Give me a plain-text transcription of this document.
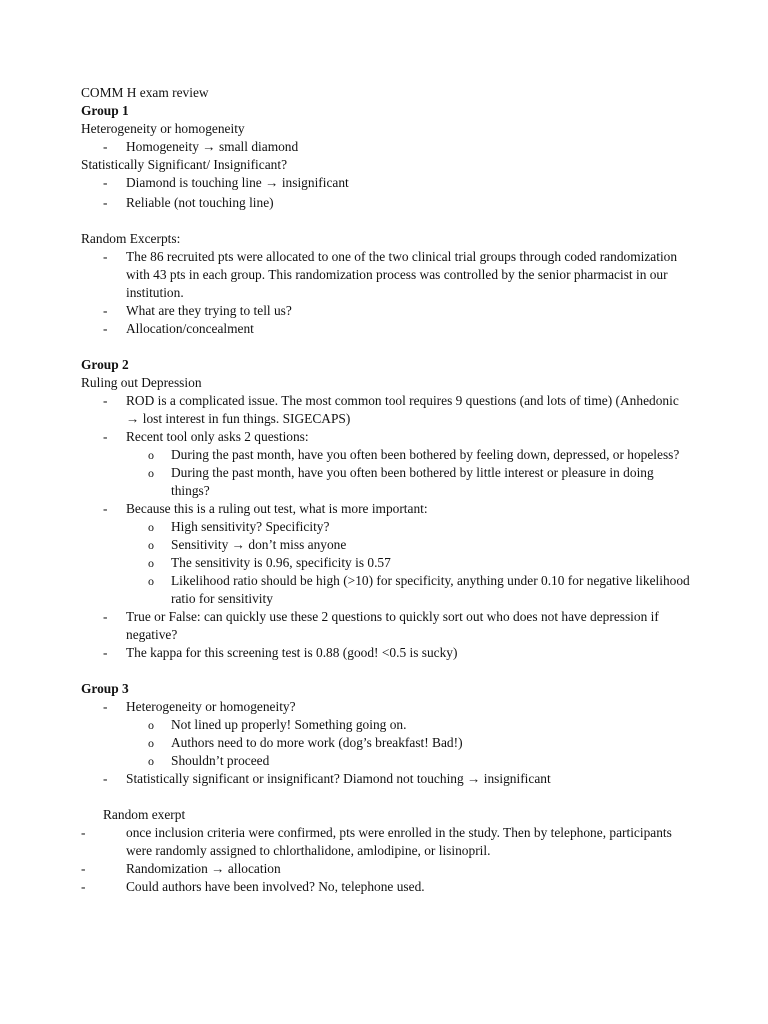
COMM H exam review
Group 1
Heterogeneity or homogeneity
- Homogeneity → small diamond
Statistically Significant/ Insignificant?
- Diamond is touching line → insignificant
- Reliable (not touching line)
Random Excerpts:
- The 86 recruited pts were allocated to one of the two clinical trial groups through coded randomization with 43 pts in each group. This randomization process was controlled by the senior pharmacist in our institution.
- What are they trying to tell us?
- Allocation/concealment
Group 2
Ruling out Depression
- ROD is a complicated issue. The most common tool requires 9 questions (and lots of time) (Anhedonic → lost interest in fun things. SIGECAPS)
- Recent tool only asks 2 questions:
o During the past month, have you often been bothered by feeling down, depressed, or hopeless?
o During the past month, have you often been bothered by little interest or pleasure in doing things?
- Because this is a ruling out test, what is more important:
o High sensitivity? Specificity?
o Sensitivity → don’t miss anyone
o The sensitivity is 0.96, specificity is 0.57
o Likelihood ratio should be high (>10) for specificity, anything under 0.10 for negative likelihood ratio for sensitivity
- True or False: can quickly use these 2 questions to quickly sort out who does not have depression if negative?
- The kappa for this screening test is 0.88 (good! <0.5 is sucky)
Group 3
- Heterogeneity or homogeneity?
o Not lined up properly! Something going on.
o Authors need to do more work (dog’s breakfast! Bad!)
o Shouldn’t proceed
- Statistically significant or insignificant? Diamond not touching → insignificant
Random exerpt
-	once inclusion criteria were confirmed, pts were enrolled in the study. Then by telephone, participants were randomly assigned to chlorthalidone, amlodipine, or lisinopril.
-	Randomization → allocation
-	Could authors have been involved? No, telephone used.
